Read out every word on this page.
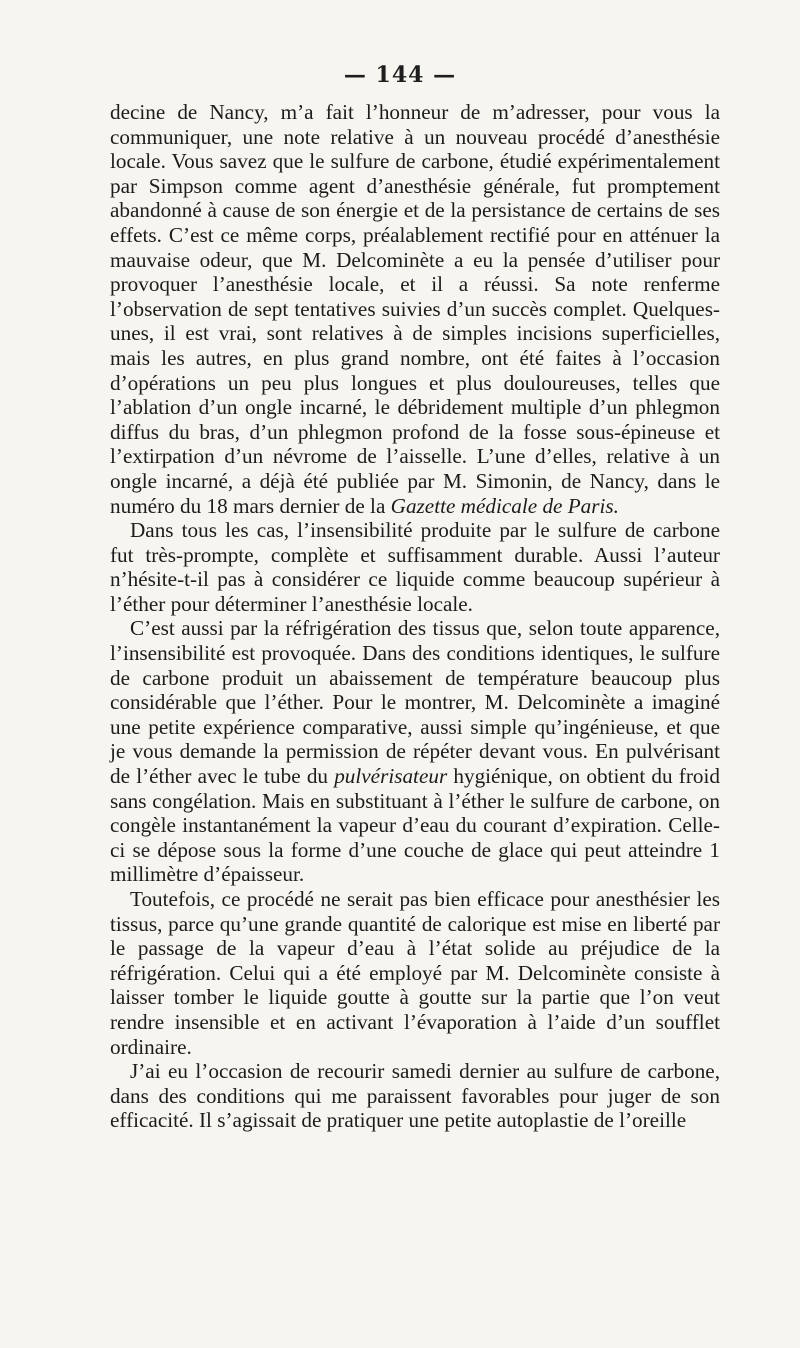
— 144 —

decine de Nancy, m’a fait l’honneur de m’adresser, pour vous la communiquer, une note relative à un nouveau procédé d’anesthésie locale. Vous savez que le sulfure de carbone, étudié expérimentalement par Simpson comme agent d’anesthésie générale, fut promptement abandonné à cause de son énergie et de la persistance de certains de ses effets. C’est ce même corps, préalablement rectifié pour en atténuer la mauvaise odeur, que M. Delcominète a eu la pensée d’utiliser pour provoquer l’anesthésie locale, et il a réussi. Sa note renferme l’observation de sept tentatives suivies d’un succès complet. Quelques-unes, il est vrai, sont relatives à de simples incisions superficielles, mais les autres, en plus grand nombre, ont été faites à l’occasion d’opérations un peu plus longues et plus douloureuses, telles que l’ablation d’un ongle incarné, le débridement multiple d’un phlegmon diffus du bras, d’un phlegmon profond de la fosse sous-épineuse et l’extirpation d’un névrome de l’aisselle. L’une d’elles, relative à un ongle incarné, a déjà été publiée par M. Simonin, de Nancy, dans le numéro du 18 mars dernier de la Gazette médicale de Paris.

Dans tous les cas, l’insensibilité produite par le sulfure de carbone fut très-prompte, complète et suffisamment durable. Aussi l’auteur n’hésite-t-il pas à considérer ce liquide comme beaucoup supérieur à l’éther pour déterminer l’anesthésie locale.

C’est aussi par la réfrigération des tissus que, selon toute apparence, l’insensibilité est provoquée. Dans des conditions identiques, le sulfure de carbone produit un abaissement de température beaucoup plus considérable que l’éther. Pour le montrer, M. Delcominète a imaginé une petite expérience comparative, aussi simple qu’ingénieuse, et que je vous demande la permission de répéter devant vous. En pulvérisant de l’éther avec le tube du pulvérisateur hygiénique, on obtient du froid sans congélation. Mais en substituant à l’éther le sulfure de carbone, on congèle instantanément la vapeur d’eau du courant d’expiration. Celle-ci se dépose sous la forme d’une couche de glace qui peut atteindre 1 millimètre d’épaisseur.

Toutefois, ce procédé ne serait pas bien efficace pour anesthésier les tissus, parce qu’une grande quantité de calorique est mise en liberté par le passage de la vapeur d’eau à l’état solide au préjudice de la réfrigération. Celui qui a été employé par M. Delcominète consiste à laisser tomber le liquide goutte à goutte sur la partie que l’on veut rendre insensible et en activant l’évaporation à l’aide d’un soufflet ordinaire.

J’ai eu l’occasion de recourir samedi dernier au sulfure de carbone, dans des conditions qui me paraissent favorables pour juger de son efficacité. Il s’agissait de pratiquer une petite autoplastie de l’oreille
